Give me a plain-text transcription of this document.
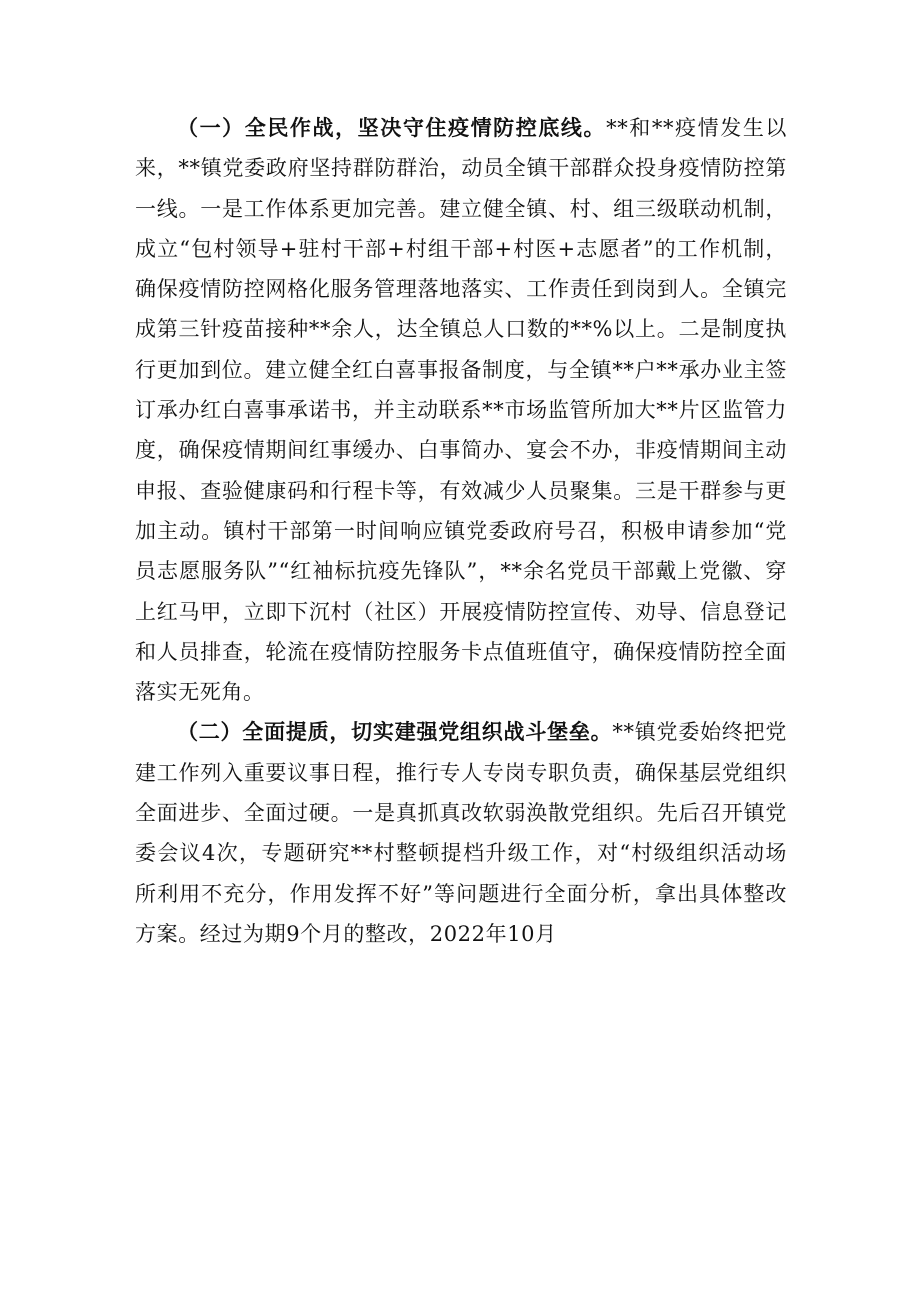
（一）全民作战，坚决守住疫情防控底线。**和**疫情发生以来，**镇党委政府坚持群防群治，动员全镇干部群众投身疫情防控第一线。一是工作体系更加完善。建立健全镇、村、组三级联动机制，成立“包村领导+驻村干部+村组干部+村医+志愿者”的工作机制，确保疫情防控网格化服务管理落地落实、工作责任到岗到人。全镇完成第三针疫苗接种**余人，达全镇总人口数的**%以上。二是制度执行更加到位。建立健全红白喜事报备制度，与全镇**户**承办业主签订承办红白喜事承诺书，并主动联系**市场监管所加大**片区监管力度，确保疫情期间红事缓办、白事简办、宴会不办，非疫情期间主动申报、查验健康码和行程卡等，有效减少人员聚集。三是干群参与更加主动。镇村干部第一时间响应镇党委政府号召，积极申请参加“党员志愿服务队”“红袖标抗疫先锋队”，**余名党员干部戴上党徽、穿上红马甲，立即下沉村（社区）开展疫情防控宣传、劝导、信息登记和人员排查，轮流在疫情防控服务卡点值班值守，确保疫情防控全面落实无死角。

（二）全面提质，切实建强党组织战斗堡垒。**镇党委始终把党建工作列入重要议事日程，推行专人专岗专职负责，确保基层党组织全面进步、全面过硬。一是真抓真改软弱涣散党组织。先后召开镇党委会议4次，专题研究**村整顿提档升级工作，对“村级组织活动场所利用不充分，作用发挥不好”等问题进行全面分析，拿出具体整改方案。经过为期9个月的整改，2022年10月
